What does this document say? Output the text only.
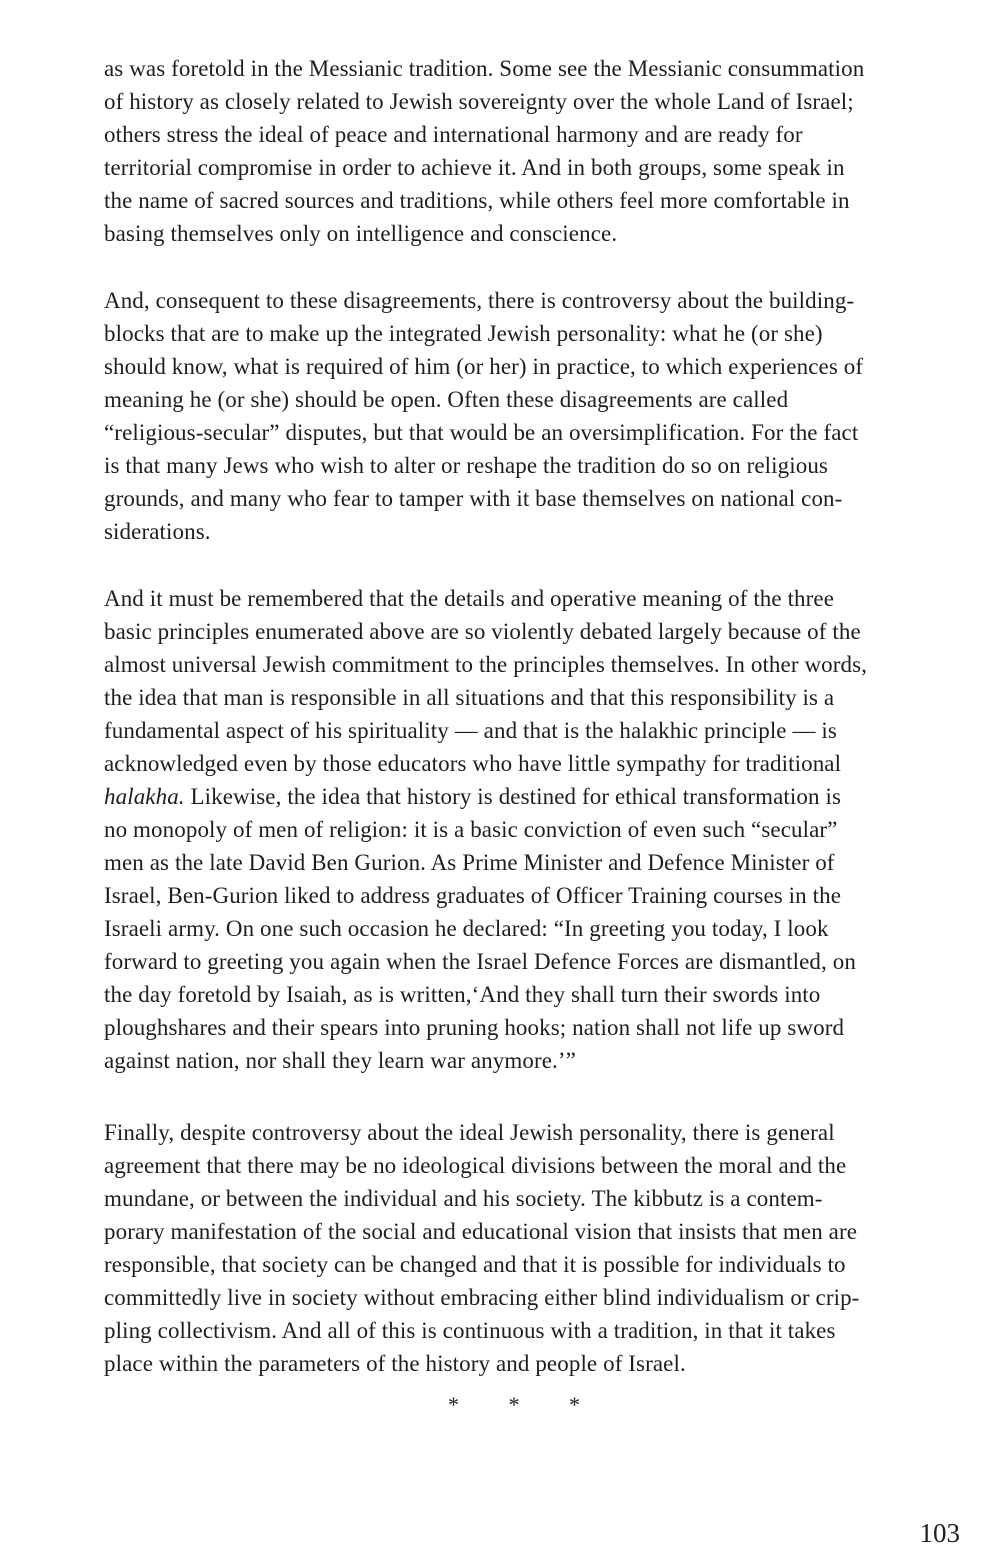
as was foretold in the Messianic tradition. Some see the Messianic consummation
of history as closely related to Jewish sovereignty over the whole Land of Israel;
others stress the ideal of peace and international harmony and are ready for
territorial compromise in order to achieve it. And in both groups, some speak in
the name of sacred sources and traditions, while others feel more comfortable in
basing themselves only on intelligence and conscience.

And, consequent to these disagreements, there is controversy about the building-
blocks that are to make up the integrated Jewish personality: what he (or she)
should know, what is required of him (or her) in practice, to which experiences of
meaning he (or she) should be open. Often these disagreements are called
“religious-secular” disputes, but that would be an oversimplification. For the fact
is that many Jews who wish to alter or reshape the tradition do so on religious
grounds, and many who fear to tamper with it base themselves on national con-
siderations.

And it must be remembered that the details and operative meaning of the three
basic principles enumerated above are so violently debated largely because of the
almost universal Jewish commitment to the principles themselves. In other words,
the idea that man is responsible in all situations and that this responsibility is a
fundamental aspect of his spirituality — and that is the halakhic principle — is
acknowledged even by those educators who have little sympathy for traditional
halakha. Likewise, the idea that history is destined for ethical transformation is
no monopoly of men of religion: it is a basic conviction of even such “secular”
men as the late David Ben Gurion. As Prime Minister and Defence Minister of
Israel, Ben-Gurion liked to address graduates of Officer Training courses in the
Israeli army. On one such occasion he declared: “In greeting you today, I look
forward to greeting you again when the Israel Defence Forces are dismantled, on
the day foretold by Isaiah, as is written,‘And they shall turn their swords into
ploughshares and their spears into pruning hooks; nation shall not life up sword
against nation, nor shall they learn war anymore.’”

Finally, despite controversy about the ideal Jewish personality, there is general
agreement that there may be no ideological divisions between the moral and the
mundane, or between the individual and his society. The kibbutz is a contem-
porary manifestation of the social and educational vision that insists that men are
responsible, that society can be changed and that it is possible for individuals to
committedly live in society without embracing either blind individualism or crip-
pling collectivism. And all of this is continuous with a tradition, in that it takes
place within the parameters of the history and people of Israel.

* * *
103
